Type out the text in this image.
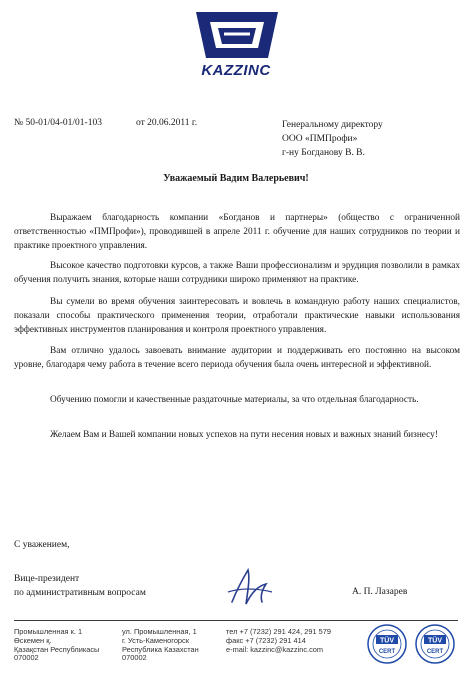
KAZZINC
№ 50-01/04-01/01-103	от 20.06.2011 г.	Генеральному директору
ООО «ПМПрофи»
г-ну Богданову В. В.
Уважаемый Вадим Валерьевич!
Выражаем благодарность компании «Богданов и партнеры» (общество с ограниченной ответственностью «ПМПрофи»), проводившей в апреле 2011 г. обучение для наших сотрудников по теории и практике проектного управления.
Высокое качество подготовки курсов, а также Ваши профессионализм и эрудиция позволили в рамках обучения получить знания, которые наши сотрудники широко применяют на практике.
Вы сумели во время обучения заинтересовать и вовлечь в командную работу наших специалистов, показали способы практического применения теории, отработали практические навыки использования эффективных инструментов планирования и контроля проектного управления.
Вам отлично удалось завоевать внимание аудитории и поддерживать его постоянно на высоком уровне, благодаря чему работа в течение всего периода обучения была очень интересной и эффективной.
Обучению помогли и качественные раздаточные материалы, за что отдельная благодарность.
Желаем Вам и Вашей компании новых успехов на пути несения новых и важных знаний бизнесу!
С уважением,
Вице-президент
по административным вопросам	А. П. Лазарев
Промышленная к. 1
Өскемен қ.
Қазақстан Республикасы
070002
ул. Промышленная, 1
г. Усть-Каменогорск
Республика Казахстан
070002
тел +7 (7232) 291 424, 291 579
факс +7 (7232) 291 414
e-mail: kazzinc@kazzinc.com
TÜV
CERT
TÜV
CERT
